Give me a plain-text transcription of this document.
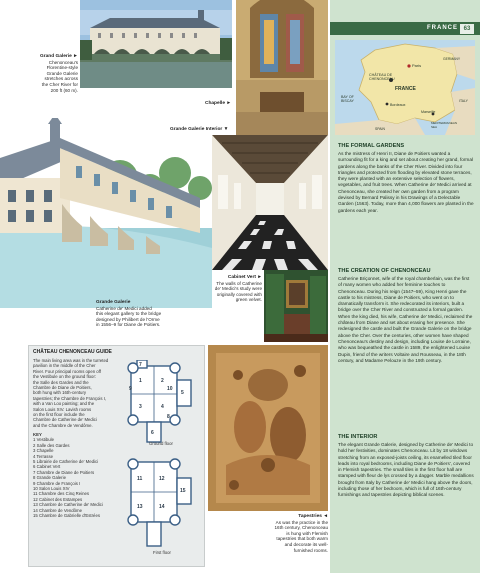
Grand Galerie ►
Chenonceau's
Florentine-style
Grande Galerie
stretches across
the Cher River for
200 ft (60 m).
Chapelle ►
Grande Galerie Interior ▼
Cabinet Vert ►
The walls of Catherine
de' Medici's study were
originally covered with
green velvet.
Grande Galerie
Catherine de' Medici added
this elegant gallery to the bridge
designed by Philibert de l'Orme
in 1556–9 for Diane de Poitiers.
Tapestries ◄
As was the practice in the
16th century, Chenonceau
is hung with Flemish
tapestries that both warm
and decorate its well-
furnished rooms.
CHÂTEAU CHENONCEAU GUIDE
The main living area was in the turreted
pavilion in the middle of the Cher
River. Four principal rooms open off
the Vestibule on the ground floor:
the Salle des Gardes and the
Chambre de Diane de Poitiers,
both hung with 16th-century
tapestries; the Chambre de François I,
with a Van Loo painting; and the
Salon Louis XIV. Lavish rooms
on the first floor include the
Chambre de Catherine de' Medici
and the Chambre de Vendôme.
KEY
1 Vestibule
2 Salle des Gardes
3 Chapelle
4 Terrasse
5 Librairie de Catherine de' Medici
6 Cabinet Vert
7 Chambre de Diane de Poitiers
8 Grande Galerie
9 Chambre de François I
10 Salon Louis XIV
11 Chambre des Cinq Reines
12 Cabinet des Estampes
13 Chambre de Catherine de' Medici
14 Chambre de Vendôme
15 Chambre de Gabrielle d'Estrées
1	2
3	4
5
6
7
8
9	10
Ground floor
11	12
13	14
15
First floor
FRANCE 63
Paris
CHÂTEAU DE
CHENONCEAU
FRANCE
GERMANY
BAY OF
BISCAY
Bordeaux
Marseille
MEDITERRANEAN
SEA
SPAIN
ITALY
THE FORMAL GARDENS
As the mistress of Henri II, Diane de Poitiers wanted a surrounding fit for a king and set about creating her grand, formal gardens along the banks of the Cher River. Divided into four triangles and protected from flooding by elevated stone terraces, they were planted with an extensive selection of flowers, vegetables, and fruit trees. When Catherine de' Medici arrived at Chenonceau, she created her own garden from a program devised by Bernard Palissy in his Drawings of a Delectable Garden (1563). Today, more than 4,000 flowers are planted in the gardens each year.
THE CREATION OF CHENONCEAU
Catherine Briçonnet, wife of the royal chamberlain, was the first of many women who added her feminine touches to Chenonceau. During his reign (1547–59), King Henri gave the castle to his mistress, Diane de Poitiers, who went on to dramatically transform it. She redecorated its interiors, built a bridge over the Cher River and constructed a formal garden. When the king died, his wife, Catherine de' Medici, reclaimed the château from Diane and set about erasing her presence. She redesigned the castle and built the Grande Galerie on the bridge above the Cher. Over the centuries, other women have shaped Chenonceau's destiny and design, including Louise de Lorraine, who was bequeathed the castle in 1589, the enlightened Louise Dupin, friend of the writers Voltaire and Rousseau, in the 18th century, and Madame Pelouze in the 19th century.
THE INTERIOR
The elegant Grande Galerie, designed by Catherine de' Medici to hold her festivities, dominates Chenonceau. Lit by 18 windows stretching from an exposed-joists ceiling, its enamelled tiled floor leads into royal bedrooms, including Diane de Poitiers', covered in Flemish tapestries. The small tiles in the first floor hall are stamped with fleur de lys crossed by a dagger. Marble medallions brought from Italy by Catherine de' Medici hang above the doors, including those of her bedroom, which is full of 16th-century furnishings and tapestries depicting biblical scenes.
